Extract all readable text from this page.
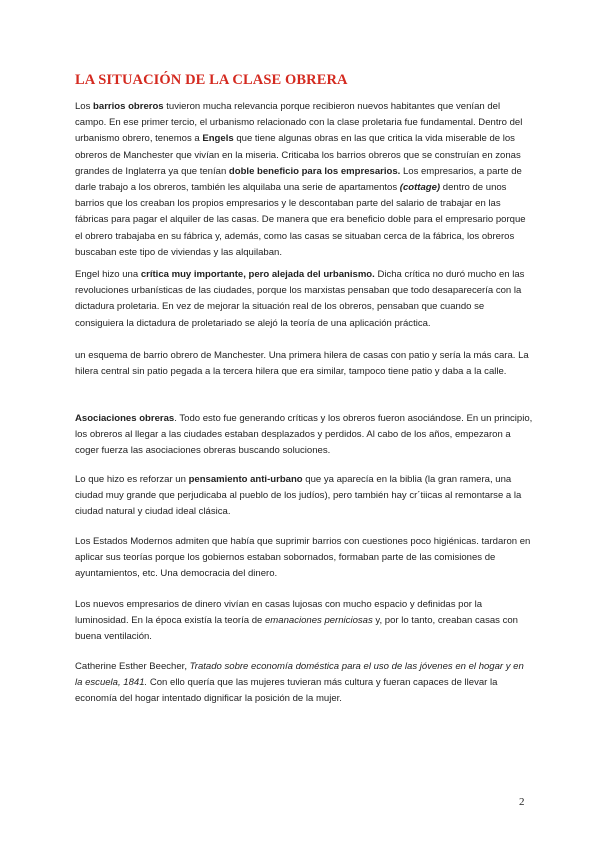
LA SITUACIÓN DE LA CLASE OBRERA

Los barrios obreros tuvieron mucha relevancia porque recibieron nuevos habitantes que venían del campo. En ese primer tercio, el urbanismo relacionado con la clase proletaria fue fundamental. Dentro del urbanismo obrero, tenemos a Engels que tiene algunas obras en las que critica la vida miserable de los obreros de Manchester que vivían en la miseria. Criticaba los barrios obreros que se construían en zonas grandes de Inglaterra ya que tenían doble beneficio para los empresarios. Los empresarios, a parte de darle trabajo a los obreros, también les alquilaba una serie de apartamentos (cottage) dentro de unos barrios que los creaban los propios empresarios y le descontaban parte del salario de trabajar en las fábricas para pagar el alquiler de las casas. De manera que era beneficio doble para el empresario porque el obrero trabajaba en su fábrica y, además, como las casas se situaban cerca de la fábrica, los obreros buscaban este tipo de viviendas y las alquilaban.

Engel hizo una crítica muy importante, pero alejada del urbanismo. Dicha crítica no duró mucho en las revoluciones urbanísticas de las ciudades, porque los marxistas pensaban que todo desaparecería con la dictadura proletaria. En vez de mejorar la situación real de los obreros, pensaban que cuando se consiguiera la dictadura de proletariado se alejó la teoría de una aplicación práctica.

un esquema de barrio obrero de Manchester. Una primera hilera de casas con patio y sería la más cara. La hilera central sin patio pegada a la tercera hilera que era similar, tampoco tiene patio y daba a la calle.

Asociaciones obreras. Todo esto fue generando críticas y los obreros fueron asociándose. En un principio, los obreros al llegar a las ciudades estaban desplazados y perdidos. Al cabo de los años, empezaron a coger fuerza las asociaciones obreras buscando soluciones.

Lo que hizo es reforzar un pensamiento anti-urbano que ya aparecía en la biblia (la gran ramera, una ciudad muy grande que perjudicaba al pueblo de los judíos), pero también hay cr´tiicas al remontarse a la ciudad natural y ciudad ideal clásica.

Los Estados Modernos admiten que había que suprimir barrios con cuestiones poco higiénicas. tardaron en aplicar sus teorías porque los gobiernos estaban sobornados, formaban parte de las comisiones de ayuntamientos, etc. Una democracia del dinero.

Los nuevos empresarios de dinero vivían en casas lujosas con mucho espacio y definidas por la luminosidad. En la época existía la teoría de emanaciones perniciosas y, por lo tanto, creaban casas con buena ventilación.

Catherine Esther Beecher, Tratado sobre economía doméstica para el uso de las jóvenes en el hogar y en la escuela, 1841. Con ello quería que las mujeres tuvieran más cultura y fueran capaces de llevar la economía del hogar intentado dignificar la posición de la mujer.

2
